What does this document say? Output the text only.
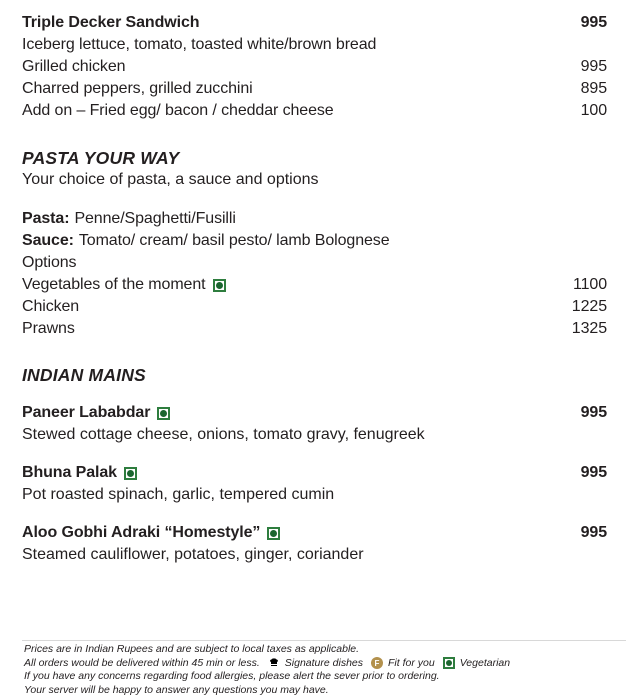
Triple Decker Sandwich	995
Iceberg lettuce, tomato, toasted white/brown bread
Grilled chicken	995
Charred peppers, grilled zucchini	895
Add on – Fried egg/ bacon / cheddar cheese	100
PASTA YOUR WAY
Your choice of pasta, a sauce and options
Pasta: Penne/Spaghetti/Fusilli
Sauce: Tomato/ cream/ basil pesto/ lamb Bolognese
Options
Vegetables of the moment	1100
Chicken	1225
Prawns	1325
INDIAN MAINS
Paneer Lababdar	995
Stewed cottage cheese, onions, tomato gravy, fenugreek
Bhuna Palak	995
Pot roasted spinach, garlic, tempered cumin
Aloo Gobhi Adraki “Homestyle”	995
Steamed cauliflower, potatoes, ginger, coriander
Prices are in Indian Rupees and are subject to local taxes as applicable.
All orders would be delivered within 45 min or less. Signature dishes	F Fit for you Vegetarian
If you have any concerns regarding food allergies, please alert the sever prior to ordering.
Your server will be happy to answer any questions you may have.
